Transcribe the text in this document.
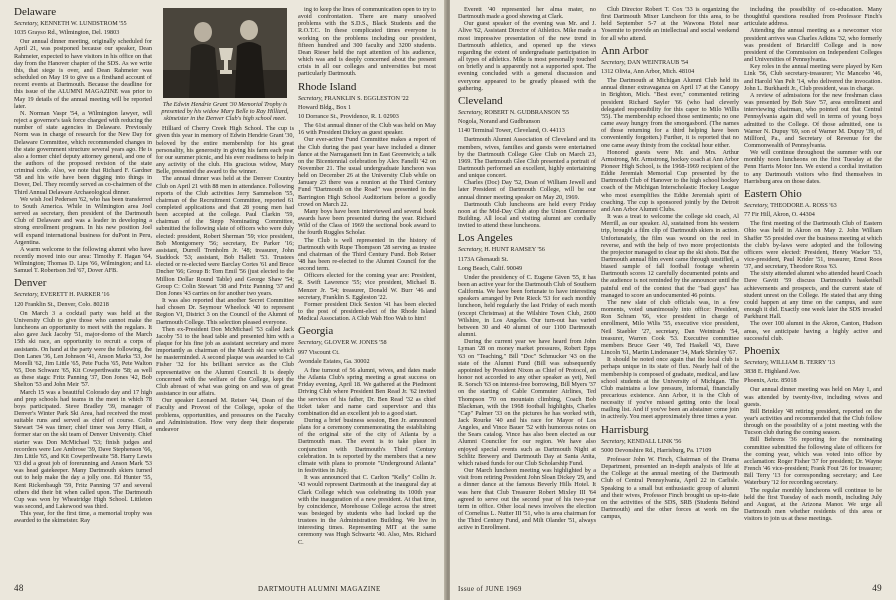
Delaware

Secretary, KENNETH W. LUNDSTROM '55

1035 Grayso Rd., Wilmington, Del. 19803

Our annual dinner meeting, originally scheduled for April 21, was postponed because our speaker, Dean Rahmeier, expected to have visitors in his office on that day from the Hanover chapter of the SDS. As we write this, that siege is over, and Dean Rahmeier was scheduled on May 19 to give us a firsthand account of recent events at Dartmouth. Because the deadline for this issue of the ALUMNI MAGAZINE was prior to May 19 details of the annual meeting will be reported later.

N. Norman Vaspr '54, a Wilmington lawyer, will reject a governor's task force charged with reducing the number of state agencies in Delaware. Previously Norm was in charge of research for the New Day for Delaware Committee, which recommended changes in the state government structure several years ago. He is also a former chief deputy attorney general, and one of the authors of the proposed revision of the state criminal code. Also, we note that Richard F. Gardner '58 and his wife have been digging into things in Dover, Del. They recently served as co-chairmen of the Third Annual Delaware Archaeological dinner.

We wish Joel Pedersen '62, who has been transferred to South America. While in Wilmington area Joel served as secretary, then president of the Dartmouth Club of Delaware and was a leader in developing a strong enrollment program. In his new position Joel will expand international business for duPont in Peru, Argentina.

A warm welcome to the following alumni who have recently moved into our area: Timothy F. Hagan '64, Wilmington; Thomas D. Lips '66, Wilmington; and Lt. Samuel T. Robertson 3rd '67, Dover AFB.

Denver

Secretary, EVERETT H. PARKER '16

120 Franklin St., Denver, Colo. 80218

On March 3 a cocktail party was held at the University Club to give those who cannot make the luncheons an opportunity to meet with the regulars. It also gave Jack Jacoby '51, major-domo of the March 15th ski race, an opportunity to recruit a corps of assistants. On hand at the party were the following, the Don Lanes '36, Len Johnson '41, Anson Marks '53, Joe Morelli '62, Jim Little '65, Pete Fuchs '65, Pete Walton '65, Don Schwarz '65, Kit Cowperthwaite '58; as well as these stags: Fritz Panning '37, Don Jones '42, Bob Shelton '53 and John Meir '57.

March 15 was a beautiful Colorado day and 17 high and prep schools had teams in the meet in which 78 boys participated. Steve Bradley '39, manager of Denver's Winter Park Ski Area, had received the most suitable runs and served as chief of course. Colin Stewart '34 was timer; chief timer was Jerry Hiatt, a former star on the ski team of Denver University. Chief starter was Don McMichael '53; finish judges and recorders were Lee Ambrose '39, Dave Stephenson '66, Jim Little '65, and Kit Cowperthwaite '58. Harry Lewis '03 did a great job of forerunning and Anson Mark '53 was head gatekeeper. Many Dartmouth skiers turned out to help make the day a jolly one. Ed Hunter '55, Kent Rickenbaugh '59, Fritz Panning '37 and several others did their bit when called upon. The Dartmouth Cup was won by Wheatridge High School. Littleton was second, and Lakewood was third.

This year, for the first time, a memorial trophy was awarded to the skimeister. Ray

The Edwin Hendrie Grant '30 Memorial Trophy is presented by his widow Mary Belle to Ray Hilliard, skimeister in the Denver Club's high school meet.

Hilliard of Cherry Creek High School. The cup is given this year in memory of Edwin Hendrie Grant '30, beloved by the entire membership for his great personality, his generosity in giving his farm each year for our summer picnic, and his ever readiness to help in any activity of the club. His gracious widow, Mary Belle, presented the award to the winner.

The annual dinner was held at the Denver Country Club on April 21 with 88 men in attendance. Following reports of the Club activities Jerry Sammelson '55, chairman of the Recruitment Committee, reported 61 completed applications and that 28 young men had been accepted at the college. Paul Clarkin '59, chairman of the Stepp Nominating Committee, submitted the following slate of officers who were duly elected: president, Robert Sherman '59; vice president, Bob Montgomery '56; secretary, Ev Parker '16; assistant, Durrell Trenholm Jr. '48; treasurer, John Staddock '53; assistant, Bob Hallett '53. Trustees elected or re-elected were Barclay Cortes '61 and Bruce Dncher '66; Group B: Tom Emil '56 (just elected to the Million Dollar Round Table) and George Shaw '54; Group C: Colin Stewart '38 and Fritz Panning '37 and Don Jones '43 carries on for another two years.

It was also reported that another Secret Committee had chosen Dr. Seymour Wheelock '40 to represent Region VI, District 3 on the Council of the Alumni of Dartmouth College. This selection pleased everyone.

Then ex-President Don McMichael '53 called Jack Jacoby '51 to the head table and presented him with a plaque for his fine job as assistant secretary and more importantly as chairman of the March ski race which he masterminded. A second plaque was awarded to Cal Fisher '32 for his brilliant service as the Club representative on the Alumni Council. It is deeply concerned with the welfare of the College, kept the Club abreast of what was going on and was of great assistance in our affairs.

Our speaker Leonard M. Reiser '44, Dean of the Faculty and Provost of the College, spoke of the problems, opportunities, and pressures on the Faculty and Administration. How very deep their desperate endeavor

ing to keep the lines of communication open to try to avoid confrontation. There are many unsolved problems with the S.D.S., Black Students and the R.O.T.C. In these complicated times everyone is working on the problems including our president, fifteen hundred and 300 faculty and 3200 students. Dean Rieser held the rapt attention of his audience, which was and is deeply concerned about the present crisis in all our colleges and universities but most particularly Dartmouth.

Rhode Island

Secretary, FRANKLIN S. EGGLESTON '22

Howard Bldg., Box 1

10 Dorrance St., Providence, R. I. 02903

The 61st annual dinner of the Club was held on May 16 with President Dickey as guest speaker.

Our ever-active Fund Committee makes a report of the Club during the past year have included a dinner dance at the Narragansett Inn in East Greenwich; a talk on the Bicentennial celebration by Alex Fanelli '42 on November 21. The usual undergraduate luncheon was held on December 26 at the University Club while on January 23 there was a reunion at the Third Century Fund "Dartmouth on the Road" was presented in the Barrington High School Auditorium before a goodly crowd on March 22.

Many boys have been interviewed and several book awards have been presented during the year. Richard Wild of the Class of 1969 the sectional book award to the fourth Ruggles Scholar.

The Club is well represented in the history of Dartmouth with Rupe Thompson '28 serving as trustee and chairman of the Third Century Fund. Bob Reiser '48 has been re-elected to the Alumni Council for the second term.

Officers elected for the coming year are: President, R. Swift Lawrence '55; vice president, Michael B. Menzer Jr. '54; treasurer, Donald W. Burr '46 and secretary, Franklin S. Eggleston '22.

Former president Dick Sexton '41 has been elected to the post of president-elect of the Rhode Island Medical Association. A Club Wah Hoo Wah to him!

Georgia

Secretary, GLOVER W. JONES '58

997 Viscount Ct.

Avondale Estates, Ga. 30002

A fine turnout of 56 alumni, wives, and dates made the Atlanta Club's spring meeting a great success on Friday evening, April 18. We gathered at the Piedmont Driving Club where President Ben Read Jr. '62 invited the services of his father, Dr. Ben Read '32 as chief ticket taker and name card supervisor and this combination did an excellent job to a good start.

During a brief business session, Ben Jr. announced plans for a ceremony commemorating the establishing of the original site of the city of Atlanta by a Dartmouth man. The event is to take place in conjunction with Dartmouth's Third Century celebration. In is reported by the members that a new climate with plans to promote "Underground Atlanta" in festivities in July.

It was announced that C. Carlton "Kelly" Collin Jr. '43 would represent Dartmouth at the inaugural day at Clark College which was celebrating its 100th year with the inauguration of a new president. At that time, by coincidence, Morehouse College across the street was besieged by students who had locked up the trustees in the Administration Building. We live in interesting times. Representing MIT at the same ceremony was Hugh Schwartz '40. Also, Mrs. Richard C.

48	DARTMOUTH ALUMNI MAGAZINE

Everett '40 represented her alma mater, no Dartmouth made a good showing at Clark.

Our guest speaker of the evening was Mr. and J. Alive '62, Assistant Director of Athletics. Mike made a most impressive presentation of the new trend in Dartmouth athletics, and opened up the views regarding the extent of undergraduate participation in all types of athletics. Mike is most personally touched on briefly and is apparently not a supported spot. The evening concluded with a general discussion and everyone appeared to be greatly pleased with the gathering.

Cleveland

Secretary, ROBERT N. GUDBRANSON '55

Nogola, Norand and Gudbranson

1140 Terminal Tower, Cleveland, O. 44113

Dartmouth Alumni Association of Cleveland and its members, wives, families and guests were entertained by the Dartmouth College Glee Club on March 23, 1969. The Dartmouth Glee Club presented a portrait of Dartmouth performed an excellent, highly entertaining and unique concert.

Charles (Doc) Day '52, Dean of William Jewell and later President of Dartmouth College, will be our annual dinner meeting speaker on May 20, 1969.

Dartmouth Club luncheons are held every Friday noon at the Mid-Day Club atop the Union Commerce Building. All local and visiting alumni are cordially invited to attend these luncheons.

Los Angeles

Secretary, H. HUNT RAMSEY '56

1173A Ghenaudi St.

Long Beach, Calif. 90049

Under the presidency of C. Eugene Given '55, it has been an active year for the Dartmouth Club of Southern California. We have been fortunate to have interesting speakers arranged by Pete Rieck '53 for each monthly luncheon, held regularly the last Friday of each month (except Christmas) at the Wilshire Town Club, 2600 Wilshire, in Los Angeles. Our turn-out has varied between 30 and 40 alumni of our 1100 Dartmouth alumni.

During the current year we have heard from John Lyman '28 on money market pressures, Robert Epps '63 on "Teaching," Bill "Doc" Schmucker '43 on the state of the Alumni Fund (Bill was subsequently appointed by President Nixon as Chief of Protocol, an honor not accorded to any other speaker as yet), Neil R. Sorsch '63 on interest-free borrowing, Bill Myers '37 on the starting of Cable Commuter Airlines, Ted Thompson '70 on mountain climbing, Coach Bob Blackman, with the 1968 football highlights, Charles "Cap" Palmer '33 on the pictures he has worked with, Jack Rourke '40 and his race for Mayor of Los Angeles, and Vince Bauer '52 with humorous notes on the Sears catalog. Vince has also been elected as our Alumni Councilor for our region. We have also enjoyed special events such as Dartmouth Night at Schlitz Brewery and Dartmouth Day at Santa Anita, which raised funds for our Club Scholarship Fund.

Our March luncheon meeting was highlighted by a visit from retiring President John Sloan Dickey '29, and a dinner dance at the famous Beverly Hills Hotel. It was here that Club Treasurer Robert Mixley III '64 agreed to serve out the second year of his two-year term in office. Other local news involves the election of Cornelius L. Nutter III '51, who is area chairman for the Third Century Fund, and Milt Olander '51, always active in Enrollment.

Club Director Robert T. Cox '33 is organizing the first Dartmouth Mixer Luncheon for this area, to be held September 5-7 at the Wawona Hotel near Yosemite to provide an intellectual and social weekend for all who attend.

Ann Arbor

Secretary, DAN WEINTRAUB '54

1312 Olivia, Ann Arbor, Mich. 48104

The Dartmouth at Michigan Alumni Club held its annual dinner extravaganza on April 17 at the Canopy in Brighton, Mich. "Best ever," commented retiring president Richard Sayler '66 (who had cleverly delegated responsibility for this caper to Milo Willis '55). The membership echoed those sentiments; no one came away hungry from the smorgasbord. (The names of those returning for a third helping have been conveniently forgotten.) Further, it is reported that no one came away thirsty from the cocktail hour either.

Honored guests were Mr. and Mrs. Arthur Armstrong, Mr. Armstrong, hockey coach at Ann Arbor Pioneer High School, is the 1968-1969 recipient of the Eddie Jeremiah Memorial Cup presented by the Dartmouth Club of Hanover to the high school hockey coach of the Michigan Interscholastic Hockey League who most exemplifies the Eddie Jeremiah spirit of coaching. The cup is sponsored jointly by the Detroit and Ann Arbor Alumni Clubs.

It was a treat to welcome the college ski coach, Al Merrill, as our speaker. Al, sustained from his western trip, brought a film clip of Dartmouth skiers in action. Unfortunately, the film was wound on the reel in reverse, and with the help of two more projectionists the projector managed to clear up the ski shots. But the Dartmouth annual film event came through unstifled, a biased sample of fall football footage wherein Dartmouth scores 12 carefully documented points and the audience is not reminded by the announcer until the painful end of the contest that the "bad guys" has managed to score an undocumented 46 points.

The new slate of club officials was, in a few moments, voted unanimously into office: President, Ron Schram '66, vice president in charge of enrollment, Milo Wilis '55, executive vice president, Neil Staebler '27, secretary, Dan Weintraub '54, treasurer, Warren Cook '53. Executive committee members Bruce Geer '49, Ted Haskell '43, Dave Lincoln '61, Martin Lindenauer '34, Mark Shrinley '67.

It should be noted once again that the local club is perhaps unique in its state of flux. Nearly half of the membership is composed of graduate, medical, and law school students at the University of Michigan. The Club maintains a low pressure, informal, financially precarious existence. Ann Arbor, it is the Club of necessity if you've missed getting onto the local mailing list. And if you've been an abstainer come join in actively. You meet approximately three times a year.

Harrisburg

Secretary, KENDALL LINK '56

5000 Devonshire Rd., Harrisburg, Pa. 17109

Professor John W. Finch, Chairman of the Drama Department, presented an in-depth analysis of life at the College at the annual meeting of the Dartmouth Club of Central Pennsylvania, April 22 in Carlisle. Speaking to a small but enthusiastic group of alumni and their wives, Professor Finch brought us up-to-date on the activities of the SDS, SRB (Students Behind Dartmouth) and the other forces at work on the campus,

including the possibility of co-education. Many thoughtful questions resulted from Professor Finch's articulate address.

Attending the annual meeting as a newcomer vice president arrives was Charles Adkins '32, who formerly was president of Briarcliff College and is now president of the Commission on Independent Colleges and Universities of Pennsylvania.

Key roles in the annual meeting were played by Ken Link '56, Club secretary-treasurer; Vic Mancebo '46, and Harold Van Pelt '14, who delivered the invocation. John L. Burkhardt Jr., Club president, was in charge.

A review of admissions for the new freshman class was presented by Bob Stav '57, area enrollment and interviewing chairman, who pointed out that Central Pennsylvania again did well in terms of young boys admitted to the College. Of those admitted, one is Warner N. Dupuy '69, son of Warner M. Dupuy '39, of Millford, Pa., and Secretary of Revenue for the Commonwealth of Pennsylvania.

We will continue throughout the summer with our monthly noon luncheons on the first Tuesday at the Penn Harris Motor Inn. We extend a cordial invitation to any Dartmouth visitors who find themselves in Harrisburg area on those dates.

Eastern Ohio

Secretary, THEODORE A. ROSS '63

77 Fir Hill, Akron, O. 44304

The first meeting of the Dartmouth Club of Eastern Ohio was held in Akron on May 2. John William Shaffer '55 presided over the business meeting at which the club's by-laws were adopted and the following officers were elected: President, Henry Wacker '53, vice-president, Paul Krider '51, treasurer, Ernst Roos '37, and secretary, Theodore Ross '63.

The sixty attended alumni who attended heard Coach Dave Gavitt '59 discuss Dartmouth's basketball achievements and prospects, and the current state of student unrest on the College. He stated that any thing could happen at any time on the campus, and sure enough it did. Exactly one week later the SDS invaded Parkhurst Hall.

The over 100 alumni in the Akron, Canton, Hudson areas, we anticipate having a highly active and successful club.

Phoenix

Secretary, WILLIAM B. TERRY '13

3838 E. Highland Ave.

Phoenix, Ariz. 85018

Our annual dinner meeting was held on May 1, and was attended by twenty-five, including wives and guests.

Bill Brinkley '48 retiring president, reported on the year's activities and recommended that the Club follow through on the possibility of a joint meeting with the Tucson club during the coming season.

Bill Behrens '36 reporting for the nominating committee submitted the following slate of officers for the coming year, which was voted into office by acclamation: Roger Fisher '37 for president; Dr. Wayne French '46 vice-president; Frank Fout '26 for treasurer; Bill Terry '13 for corresponding secretary; and Lee Waterbury '12 for recording secretary.

The regular monthly luncheons will continue to be held the first Tuesday of each month, including July and August, at the Arizona Manor. We urge all Dartmouth men whether residents of this area or visitors to join us at these meetings.

Issue of JUNE 1969	49
